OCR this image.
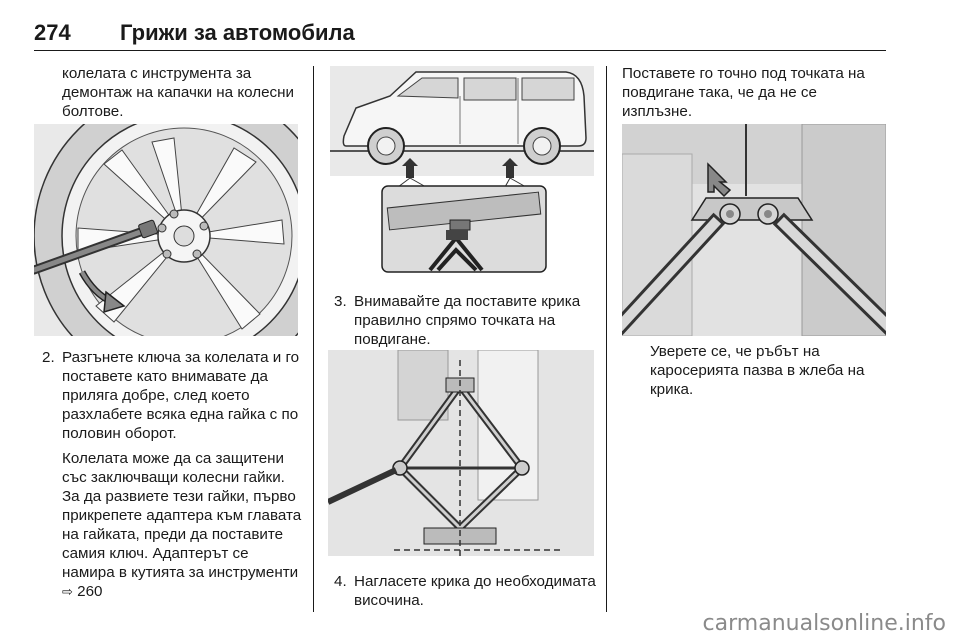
274 Грижи за автомобила

колелата с инструмента за демонтаж на капачки на колесни болтове.

2. Разгънете ключа за колелата и го поставете като внимавате да приляга добре, след което разхлабете всяка една гайка с по половин оборот.

Колелата може да са защитени със заключващи колесни гайки. За да развиете тези гайки, първо прикрепете адаптера към главата на гайката, преди да поставите самия ключ. Адаптерът се намира в кутията за инструменти ⇨ 260

3. Внимавайте да поставите крика правилно спрямо точката на повдигане.
4. Нагласете крика до необходимата височина.

Поставете го точно под точката на повдигане така, че да не се изплъзне.

Уверете се, че ръбът на каросерията пазва в жлеба на крика.

carmanualsonline.info
